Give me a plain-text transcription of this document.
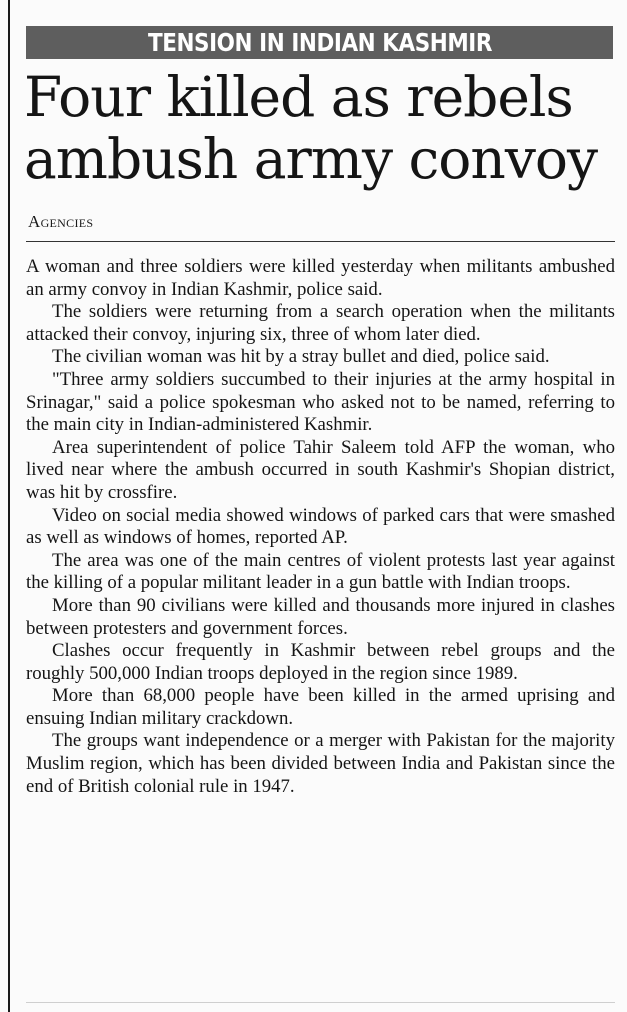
TENSION IN INDIAN KASHMIR
Four killed as rebels
ambush army convoy
Agencies

A woman and three soldiers were killed yesterday when militants ambushed an army convoy in Indian Kashmir, police said.

The soldiers were returning from a search operation when the militants attacked their convoy, injuring six, three of whom later died.

The civilian woman was hit by a stray bullet and died, police said.

"Three army soldiers succumbed to their injuries at the army hospital in Srinagar," said a police spokesman who asked not to be named, referring to the main city in Indian-administered Kashmir.

Area superintendent of police Tahir Saleem told AFP the woman, who lived near where the ambush occurred in south Kashmir's Shopian district, was hit by crossfire.

Video on social media showed windows of parked cars that were smashed as well as windows of homes, reported AP.

The area was one of the main centres of violent protests last year against the killing of a popular militant leader in a gun battle with Indian troops.

More than 90 civilians were killed and thousands more injured in clashes between protesters and government forces.

Clashes occur frequently in Kashmir between rebel groups and the roughly 500,000 Indian troops deployed in the region since 1989.

More than 68,000 people have been killed in the armed uprising and ensuing Indian military crackdown.

The groups want independence or a merger with Pakistan for the majority Muslim region, which has been divided between India and Pakistan since the end of British colonial rule in 1947.
